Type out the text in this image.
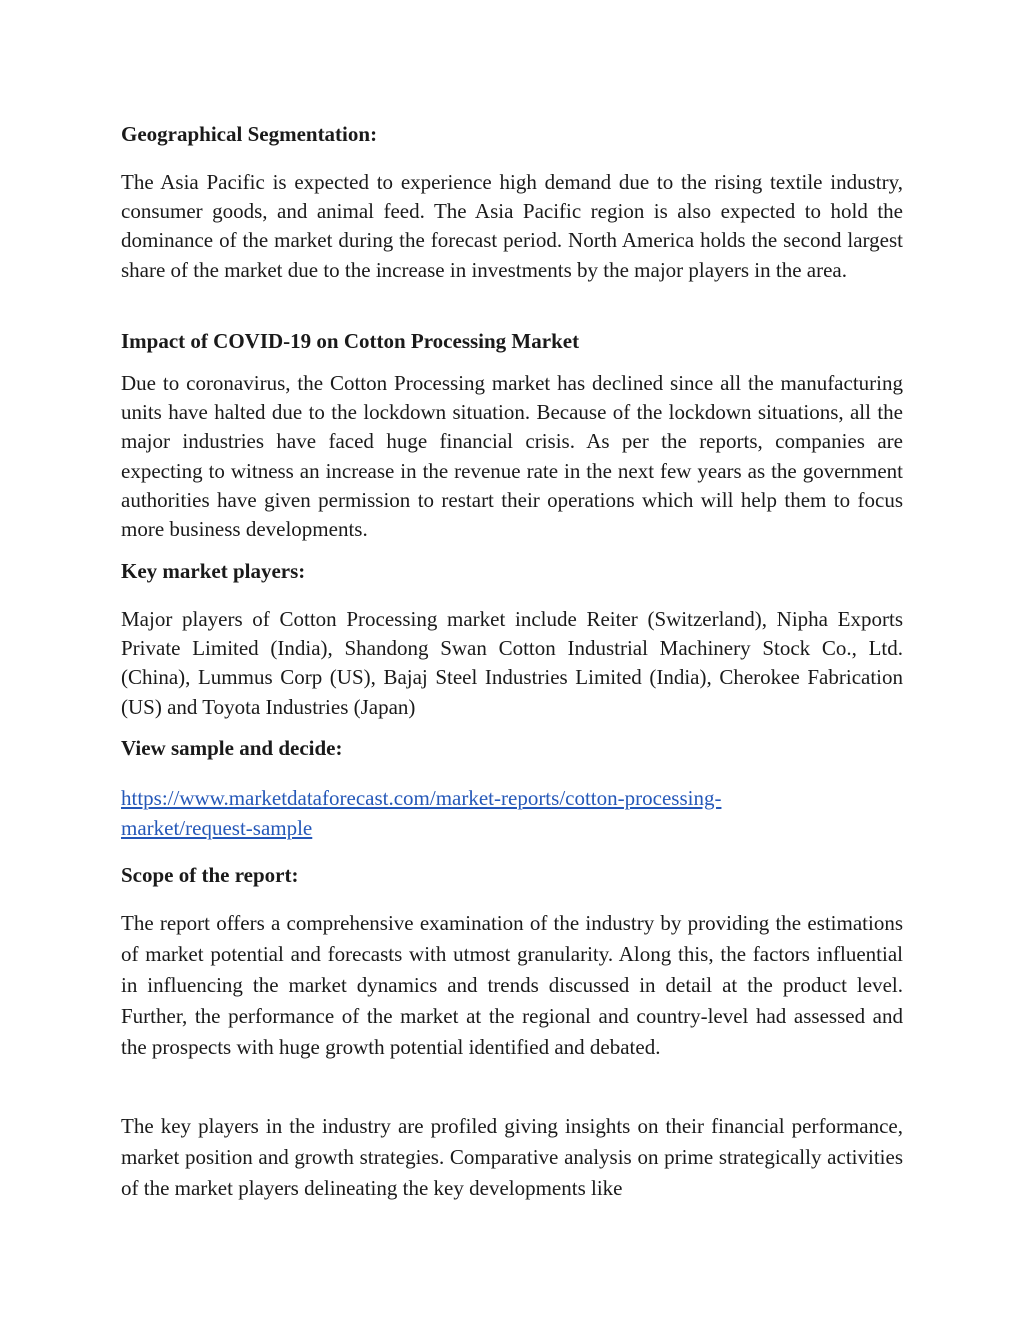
Geographical Segmentation:
The Asia Pacific is expected to experience high demand due to the rising textile industry, consumer goods, and animal feed. The Asia Pacific region is also expected to hold the dominance of the market during the forecast period. North America holds the second largest share of the market due to the increase in investments by the major players in the area.
Impact of COVID-19 on Cotton Processing Market
Due to coronavirus, the Cotton Processing market has declined since all the manufacturing units have halted due to the lockdown situation. Because of the lockdown situations, all the major industries have faced huge financial crisis. As per the reports, companies are expecting to witness an increase in the revenue rate in the next few years as the government authorities have given permission to restart their operations which will help them to focus more business developments.
Key market players:
Major players of Cotton Processing market include Reiter (Switzerland), Nipha Exports Private Limited (India), Shandong Swan Cotton Industrial Machinery Stock Co., Ltd. (China), Lummus Corp (US), Bajaj Steel Industries Limited (India), Cherokee Fabrication (US) and Toyota Industries (Japan)
View sample and decide:
https://www.marketdataforecast.com/market-reports/cotton-processing-
market/request-sample
Scope of the report:
The report offers a comprehensive examination of the industry by providing the estimations of market potential and forecasts with utmost granularity. Along this, the factors influential in influencing the market dynamics and trends discussed in detail at the product level. Further, the performance of the market at the regional and country-level had assessed and the prospects with huge growth potential identified and debated.
The key players in the industry are profiled giving insights on their financial performance, market position and growth strategies. Comparative analysis on prime strategically activities of the market players delineating the key developments like
